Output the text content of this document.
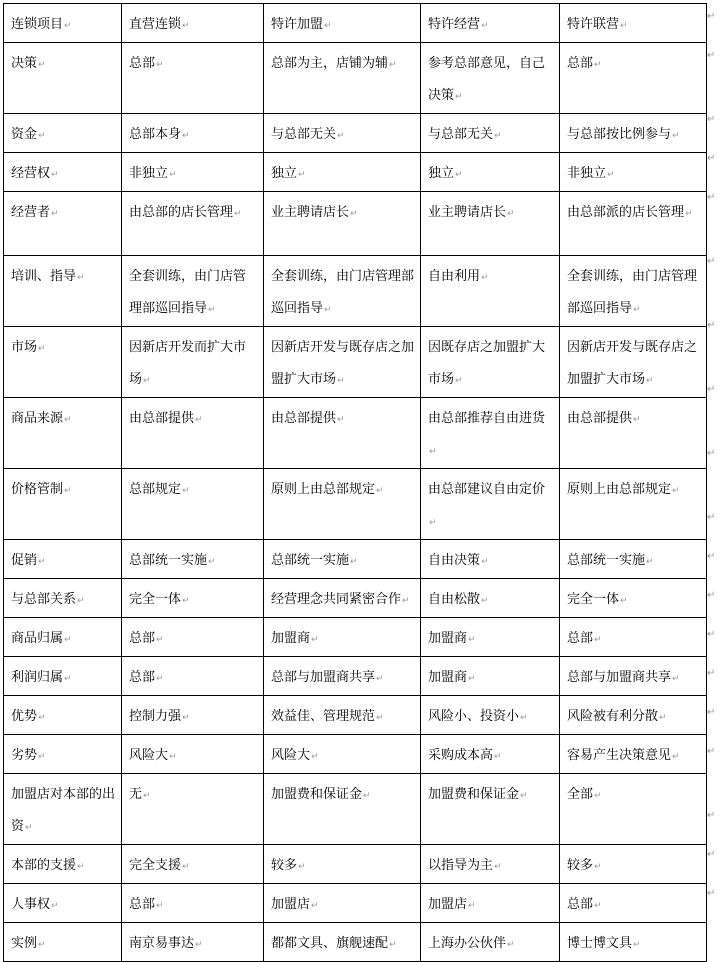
连锁项目↵	直营连锁↵	特许加盟↵	特许经营↵	特许联营↵
决策↵	总部↵	总部为主，店铺为辅↵	参考总部意见，自己决策↵	总部↵
资金↵	总部本身↵	与总部无关↵	与总部无关↵	与总部按比例参与↵
经营权↵	非独立↵	独立↵	独立↵	非独立↵
经营者↵	由总部的店长管理↵	业主聘请店长↵	业主聘请店长↵	由总部派的店长管理↵
培训、指导↵	全套训练，由门店管理部巡回指导↵	全套训练，由门店管理部巡回指导↵	自由利用↵	全套训练，由门店管理部巡回指导↵
市场↵	因新店开发而扩大市场↵	因新店开发与既存店之加盟扩大市场↵	因既存店之加盟扩大市场↵	因新店开发与既存店之加盟扩大市场↵
商品来源↵	由总部提供↵	由总部提供↵	由总部推荐自由进货↵	由总部提供↵
价格管制↵	总部规定↵	原则上由总部规定↵	由总部建议自由定价↵	原则上由总部规定↵
促销↵	总部统一实施↵	总部统一实施↵	自由决策↵	总部统一实施↵
与总部关系↵	完全一体↵	经营理念共同紧密合作↵	自由松散↵	完全一体↵
商品归属↵	总部↵	加盟商↵	加盟商↵	总部↵
利润归属↵	总部↵	总部与加盟商共享↵	加盟商↵	总部与加盟商共享↵
优势↵	控制力强↵	效益佳、管理规范↵	风险小、投资小↵	风险被有利分散↵
劣势↵	风险大↵	风险大↵	采购成本高↵	容易产生决策意见↵
加盟店对本部的出资↵	无↵	加盟费和保证金↵	加盟费和保证金↵	全部↵
本部的支援↵	完全支援↵	较多↵	以指导为主↵	较多↵
人事权↵	总部↵	加盟店↵	加盟店↵	总部↵
实例↵	南京易事达↵	都都文具、旗舰速配↵	上海办公伙伴↵	博士博文具↵
↵
↵
↵
↵
↵
↵
↵
↵
↵
↵
↵
↵
↵
↵
↵
↵
↵
↵
↵
